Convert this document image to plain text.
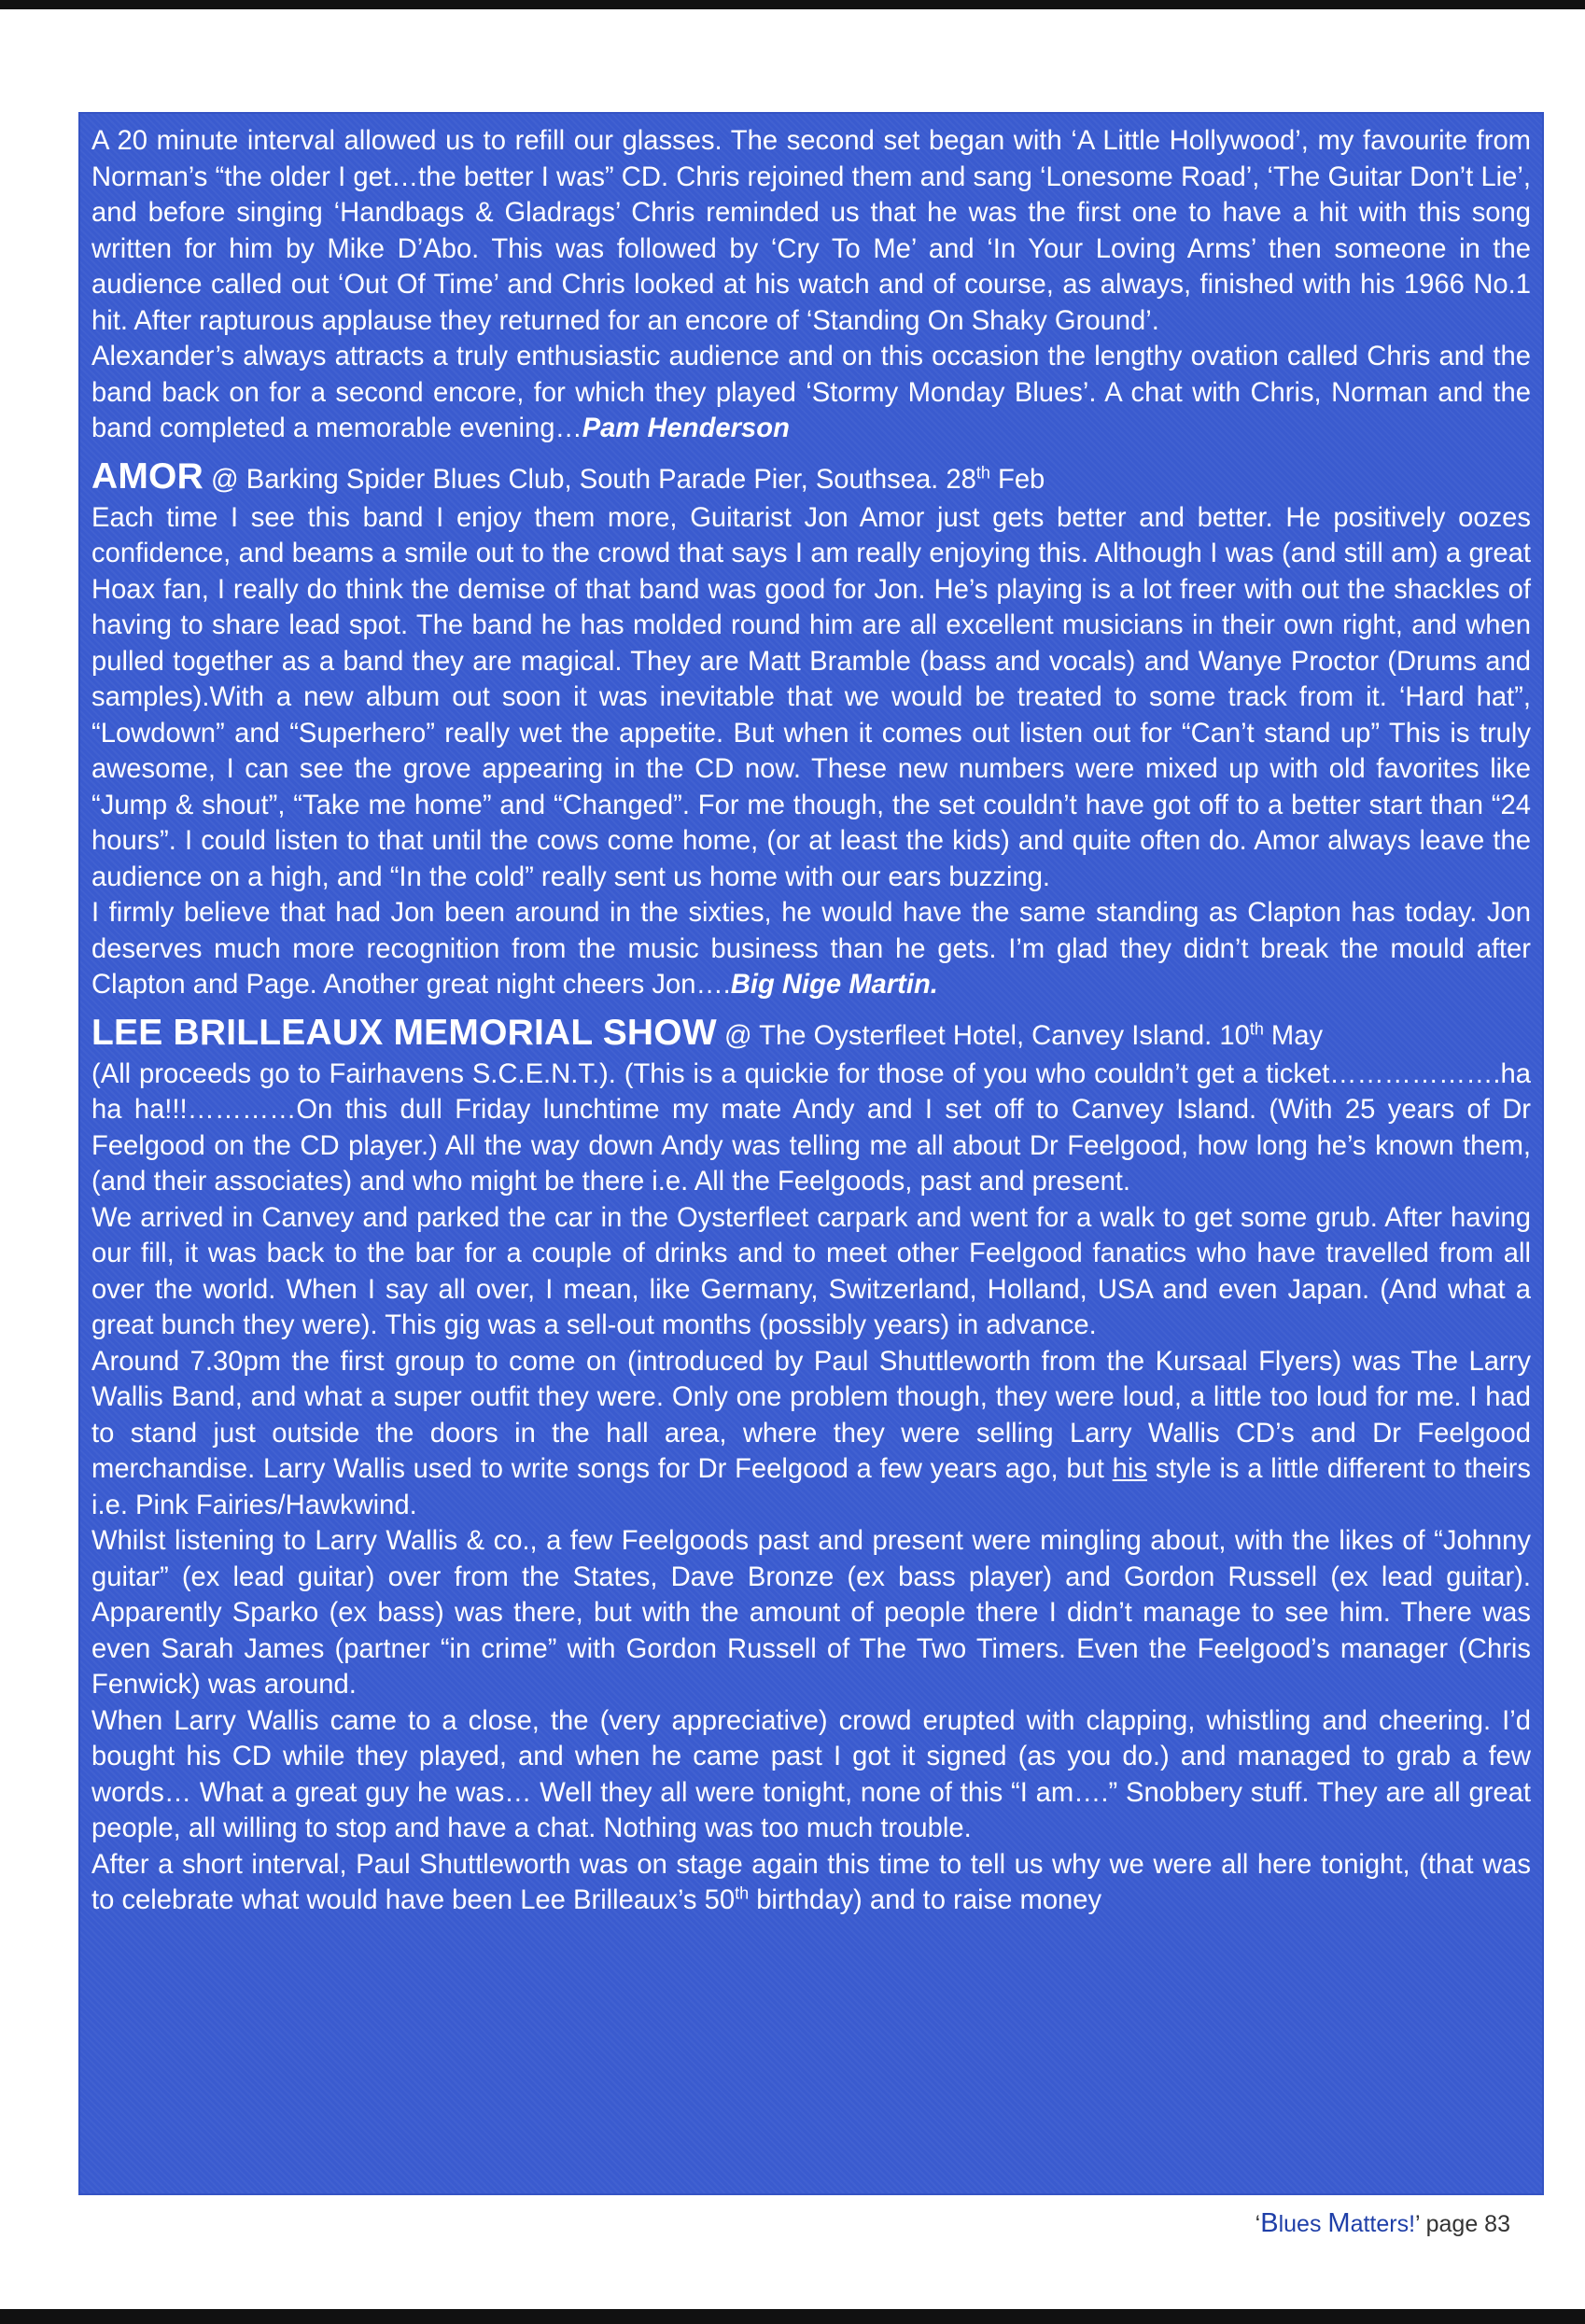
A 20 minute interval allowed us to refill our glasses. The second set began with ‘A Little Hollywood’, my favourite from Norman’s “the older I get…the better I was” CD. Chris rejoined them and sang ‘Lonesome Road’, ‘The Guitar Don’t Lie’, and before singing ‘Handbags & Gladrags’ Chris reminded us that he was the first one to have a hit with this song written for him by Mike D’Abo. This was followed by ‘Cry To Me’ and ‘In Your Loving Arms’ then someone in the audience called out ‘Out Of Time’ and Chris looked at his watch and of course, as always, finished with his 1966 No.1 hit. After rapturous applause they returned for an encore of ‘Standing On Shaky Ground’.

Alexander’s always attracts a truly enthusiastic audience and on this occasion the lengthy ovation called Chris and the band back on for a second encore, for which they played ‘Stormy Monday Blues’. A chat with Chris, Norman and the band completed a memorable evening…Pam Henderson

AMOR @ Barking Spider Blues Club, South Parade Pier, Southsea. 28th Feb

Each time I see this band I enjoy them more, Guitarist Jon Amor just gets better and better. He positively oozes confidence, and beams a smile out to the crowd that says I am really enjoying this. Although I was (and still am) a great Hoax fan, I really do think the demise of that band was good for Jon. He’s playing is a lot freer with out the shackles of having to share lead spot. The band he has molded round him are all excellent musicians in their own right, and when pulled together as a band they are magical. They are Matt Bramble (bass and vocals) and Wanye Proctor (Drums and samples).With a new album out soon it was inevitable that we would be treated to some track from it. ‘Hard hat”, “Lowdown” and “Superhero” really wet the appetite. But when it comes out listen out for “Can’t stand up” This is truly awesome, I can see the grove appearing in the CD now. These new numbers were mixed up with old favorites like “Jump & shout”, “Take me home” and “Changed”. For me though, the set couldn’t have got off to a better start than “24 hours”. I could listen to that until the cows come home, (or at least the kids) and quite often do. Amor always leave the audience on a high, and “In the cold” really sent us home with our ears buzzing.

I firmly believe that had Jon been around in the sixties, he would have the same standing as Clapton has today. Jon deserves much more recognition from the music business than he gets. I’m glad they didn’t break the mould after Clapton and Page. Another great night cheers Jon….Big Nige Martin.

LEE BRILLEAUX MEMORIAL SHOW @ The Oysterfleet Hotel, Canvey Island. 10th May

(All proceeds go to Fairhavens S.C.E.N.T.). (This is a quickie for those of you who couldn’t get a ticket……………….ha ha ha!!!…………On this dull Friday lunchtime my mate Andy and I set off to Canvey Island. (With 25 years of Dr Feelgood on the CD player.) All the way down Andy was telling me all about Dr Feelgood, how long he’s known them, (and their associates) and who might be there i.e. All the Feelgoods, past and present.

We arrived in Canvey and parked the car in the Oysterfleet carpark and went for a walk to get some grub. After having our fill, it was back to the bar for a couple of drinks and to meet other Feelgood fanatics who have travelled from all over the world. When I say all over, I mean, like Germany, Switzerland, Holland, USA and even Japan. (And what a great bunch they were). This gig was a sell-out months (possibly years) in advance.

Around 7.30pm the first group to come on (introduced by Paul Shuttleworth from the Kursaal Flyers) was The Larry Wallis Band, and what a super outfit they were. Only one problem though, they were loud, a little too loud for me. I had to stand just outside the doors in the hall area, where they were selling Larry Wallis CD’s and Dr Feelgood merchandise. Larry Wallis used to write songs for Dr Feelgood a few years ago, but his style is a little different to theirs i.e. Pink Fairies/Hawkwind.

Whilst listening to Larry Wallis & co., a few Feelgoods past and present were mingling about, with the likes of “Johnny guitar” (ex lead guitar) over from the States, Dave Bronze (ex bass player) and Gordon Russell (ex lead guitar). Apparently Sparko (ex bass) was there, but with the amount of people there I didn’t manage to see him. There was even Sarah James (partner “in crime” with Gordon Russell of The Two Timers. Even the Feelgood’s manager (Chris Fenwick) was around.

When Larry Wallis came to a close, the (very appreciative) crowd erupted with clapping, whistling and cheering. I’d bought his CD while they played, and when he came past I got it signed (as you do.) and managed to grab a few words… What a great guy he was… Well they all were tonight, none of this “I am….” Snobbery stuff. They are all great people, all willing to stop and have a chat. Nothing was too much trouble.

After a short interval, Paul Shuttleworth was on stage again this time to tell us why we were all here tonight, (that was to celebrate what would have been Lee Brilleaux’s 50th birthday) and to raise money

‘Blues Matters!’ page 83
